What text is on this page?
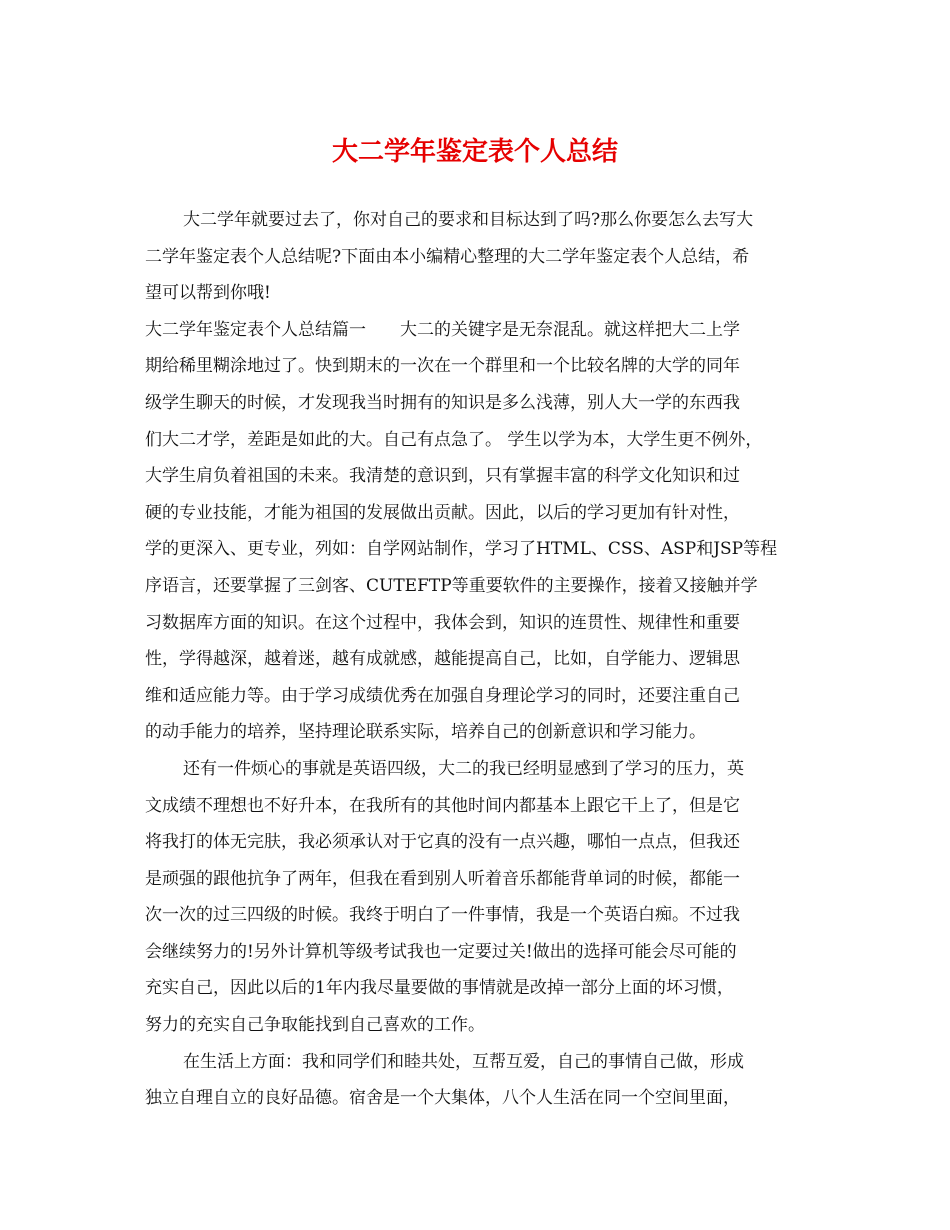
大二学年鉴定表个人总结
大二学年就要过去了，你对自己的要求和目标达到了吗?那么你要怎么去写大
二学年鉴定表个人总结呢?下面由本小编精心整理的大二学年鉴定表个人总结，希
望可以帮到你哦!
大二学年鉴定表个人总结篇一　　大二的关键字是无奈混乱。就这样把大二上学
期给稀里糊涂地过了。快到期末的一次在一个群里和一个比较名牌的大学的同年
级学生聊天的时候，才发现我当时拥有的知识是多么浅薄，别人大一学的东西我
们大二才学，差距是如此的大。自己有点急了。 学生以学为本，大学生更不例外，
大学生肩负着祖国的未来。我清楚的意识到，只有掌握丰富的科学文化知识和过
硬的专业技能，才能为祖国的发展做出贡献。因此，以后的学习更加有针对性，
学的更深入、更专业，列如：自学网站制作，学习了HTML、CSS、ASP和JSP等程
序语言，还要掌握了三剑客、CUTEFTP等重要软件的主要操作，接着又接触并学
习数据库方面的知识。在这个过程中，我体会到，知识的连贯性、规律性和重要
性，学得越深，越着迷，越有成就感，越能提高自己，比如，自学能力、逻辑思
维和适应能力等。由于学习成绩优秀在加强自身理论学习的同时，还要注重自己
的动手能力的培养，坚持理论联系实际，培养自己的创新意识和学习能力。
还有一件烦心的事就是英语四级，大二的我已经明显感到了学习的压力，英
文成绩不理想也不好升本，在我所有的其他时间内都基本上跟它干上了，但是它
将我打的体无完肤，我必须承认对于它真的没有一点兴趣，哪怕一点点，但我还
是顽强的跟他抗争了两年，但我在看到别人听着音乐都能背单词的时候，都能一
次一次的过三四级的时候。我终于明白了一件事情，我是一个英语白痴。不过我
会继续努力的!另外计算机等级考试我也一定要过关!做出的选择可能会尽可能的
充实自己，因此以后的1年内我尽量要做的事情就是改掉一部分上面的坏习惯，
努力的充实自己争取能找到自己喜欢的工作。
在生活上方面：我和同学们和睦共处，互帮互爱，自己的事情自己做，形成
独立自理自立的良好品德。宿舍是一个大集体，八个人生活在同一个空间里面，
